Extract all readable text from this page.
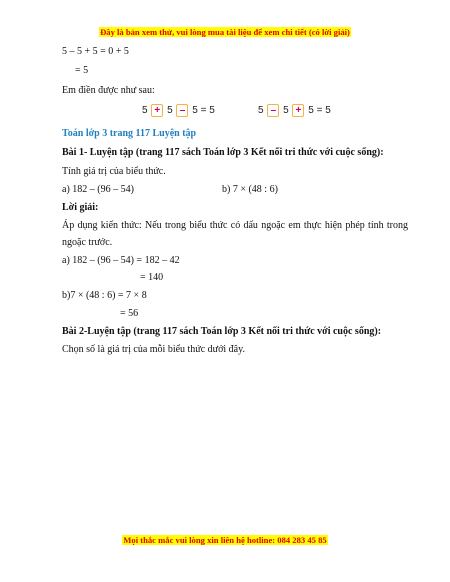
Đây là bản xem thử, vui lòng mua tài liệu để xem chi tiết (có lời giải)
5 – 5 + 5 = 0 + 5
= 5
Em điền được như sau:
5 + 5 – 5 = 5	5 – 5 + 5 = 5
Toán lớp 3 trang 117 Luyện tập
Bài 1- Luyện tập (trang 117 sách Toán lớp 3 Kết nối tri thức với cuộc sống):
Tính giá trị của biểu thức.
a) 182 – (96 – 54)	b) 7 × (48 : 6)
Lời giải:
Áp dụng kiến thức: Nếu trong biểu thức có dấu ngoặc em thực hiện phép tính trong ngoặc trước.
a) 182 – (96 – 54) = 182 – 42
= 140
b)7 × (48 : 6) = 7 × 8
= 56
Bài 2-Luyện tập (trang 117 sách Toán lớp 3 Kết nối tri thức với cuộc sống):
Chọn số là giá trị của mỗi biểu thức dưới đây.
Mọi thắc mắc vui lòng xin liên hệ hotline: 084 283 45 85
